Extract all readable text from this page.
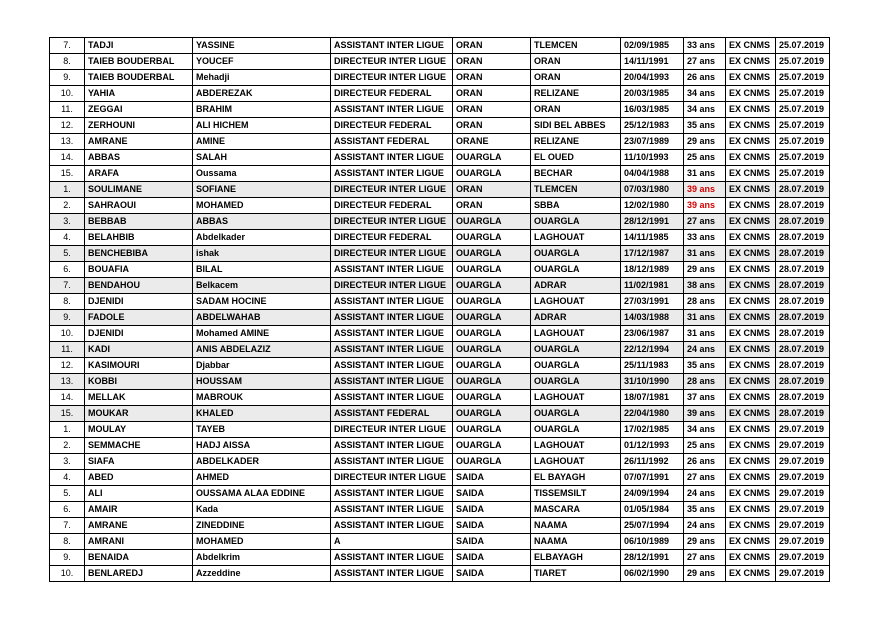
7.	TADJI	YASSINE	ASSISTANT INTER LIGUE	ORAN	TLEMCEN	02/09/1985	33 ans	EX CNMS	25.07.2019
8.	TAIEB BOUDERBAL	YOUCEF	DIRECTEUR INTER LIGUE	ORAN	ORAN	14/11/1991	27 ans	EX CNMS	25.07.2019
9.	TAIEB BOUDERBAL	Mehadji	DIRECTEUR INTER LIGUE	ORAN	ORAN	20/04/1993	26 ans	EX CNMS	25.07.2019
10.	YAHIA	ABDEREZAK	DIRECTEUR FEDERAL	ORAN	RELIZANE	20/03/1985	34 ans	EX CNMS	25.07.2019
11.	ZEGGAI	BRAHIM	ASSISTANT INTER LIGUE	ORAN	ORAN	16/03/1985	34 ans	EX CNMS	25.07.2019
12.	ZERHOUNI	ALI HICHEM	DIRECTEUR FEDERAL	ORAN	SIDI BEL ABBES	25/12/1983	35 ans	EX CNMS	25.07.2019
13.	AMRANE	AMINE	ASSISTANT FEDERAL	ORANE	RELIZANE	23/07/1989	29 ans	EX CNMS	25.07.2019
14.	ABBAS	SALAH	ASSISTANT INTER LIGUE	OUARGLA	EL OUED	11/10/1993	25 ans	EX CNMS	25.07.2019
15.	ARAFA	Oussama	ASSISTANT INTER LIGUE	OUARGLA	BECHAR	04/04/1988	31 ans	EX CNMS	25.07.2019
1.	SOULIMANE	SOFIANE	DIRECTEUR INTER LIGUE	ORAN	TLEMCEN	07/03/1980	39 ans	EX CNMS	28.07.2019
2.	SAHRAOUI	MOHAMED	DIRECTEUR FEDERAL	ORAN	SBBA	12/02/1980	39 ans	EX CNMS	28.07.2019
3.	BEBBAB	ABBAS	DIRECTEUR INTER LIGUE	OUARGLA	OUARGLA	28/12/1991	27 ans	EX CNMS	28.07.2019
4.	BELAHBIB	Abdelkader	DIRECTEUR FEDERAL	OUARGLA	LAGHOUAT	14/11/1985	33 ans	EX CNMS	28.07.2019
5.	BENCHEBIBA	ishak	DIRECTEUR INTER LIGUE	OUARGLA	OUARGLA	17/12/1987	31 ans	EX CNMS	28.07.2019
6.	BOUAFIA	BILAL	ASSISTANT INTER LIGUE	OUARGLA	OUARGLA	18/12/1989	29 ans	EX CNMS	28.07.2019
7.	BENDAHOU	Belkacem	DIRECTEUR INTER LIGUE	OUARGLA	ADRAR	11/02/1981	38 ans	EX CNMS	28.07.2019
8.	DJENIDI	SADAM HOCINE	ASSISTANT INTER LIGUE	OUARGLA	LAGHOUAT	27/03/1991	28 ans	EX CNMS	28.07.2019
9.	FADOLE	ABDELWAHAB	ASSISTANT INTER LIGUE	OUARGLA	ADRAR	14/03/1988	31 ans	EX CNMS	28.07.2019
10.	DJENIDI	Mohamed AMINE	ASSISTANT INTER LIGUE	OUARGLA	LAGHOUAT	23/06/1987	31 ans	EX CNMS	28.07.2019
11.	KADI	ANIS ABDELAZIZ	ASSISTANT INTER LIGUE	OUARGLA	OUARGLA	22/12/1994	24 ans	EX CNMS	28.07.2019
12.	KASIMOURI	Djabbar	ASSISTANT INTER LIGUE	OUARGLA	OUARGLA	25/11/1983	35 ans	EX CNMS	28.07.2019
13.	KOBBI	HOUSSAM	ASSISTANT INTER LIGUE	OUARGLA	OUARGLA	31/10/1990	28 ans	EX CNMS	28.07.2019
14.	MELLAK	MABROUK	ASSISTANT INTER LIGUE	OUARGLA	LAGHOUAT	18/07/1981	37 ans	EX CNMS	28.07.2019
15.	MOUKAR	KHALED	ASSISTANT FEDERAL	OUARGLA	OUARGLA	22/04/1980	39 ans	EX CNMS	28.07.2019
1.	MOULAY	TAYEB	DIRECTEUR INTER LIGUE	OUARGLA	OUARGLA	17/02/1985	34 ans	EX CNMS	29.07.2019
2.	SEMMACHE	HADJ AISSA	ASSISTANT INTER LIGUE	OUARGLA	LAGHOUAT	01/12/1993	25 ans	EX CNMS	29.07.2019
3.	SIAFA	ABDELKADER	ASSISTANT INTER LIGUE	OUARGLA	LAGHOUAT	26/11/1992	26 ans	EX CNMS	29.07.2019
4.	ABED	AHMED	DIRECTEUR INTER LIGUE	SAIDA	EL BAYAGH	07/07/1991	27 ans	EX CNMS	29.07.2019
5.	ALI	OUSSAMA ALAA EDDINE	ASSISTANT INTER LIGUE	SAIDA	TISSEMSILT	24/09/1994	24 ans	EX CNMS	29.07.2019
6.	AMAIR	Kada	ASSISTANT INTER LIGUE	SAIDA	MASCARA	01/05/1984	35 ans	EX CNMS	29.07.2019
7.	AMRANE	ZINEDDINE	ASSISTANT INTER LIGUE	SAIDA	NAAMA	25/07/1994	24 ans	EX CNMS	29.07.2019
8.	AMRANI	MOHAMED	A	SAIDA	NAAMA	06/10/1989	29 ans	EX CNMS	29.07.2019
9.	BENAIDA	Abdelkrim	ASSISTANT INTER LIGUE	SAIDA	ELBAYAGH	28/12/1991	27 ans	EX CNMS	29.07.2019
10.	BENLAREDJ	Azzeddine	ASSISTANT INTER LIGUE	SAIDA	TIARET	06/02/1990	29 ans	EX CNMS	29.07.2019
